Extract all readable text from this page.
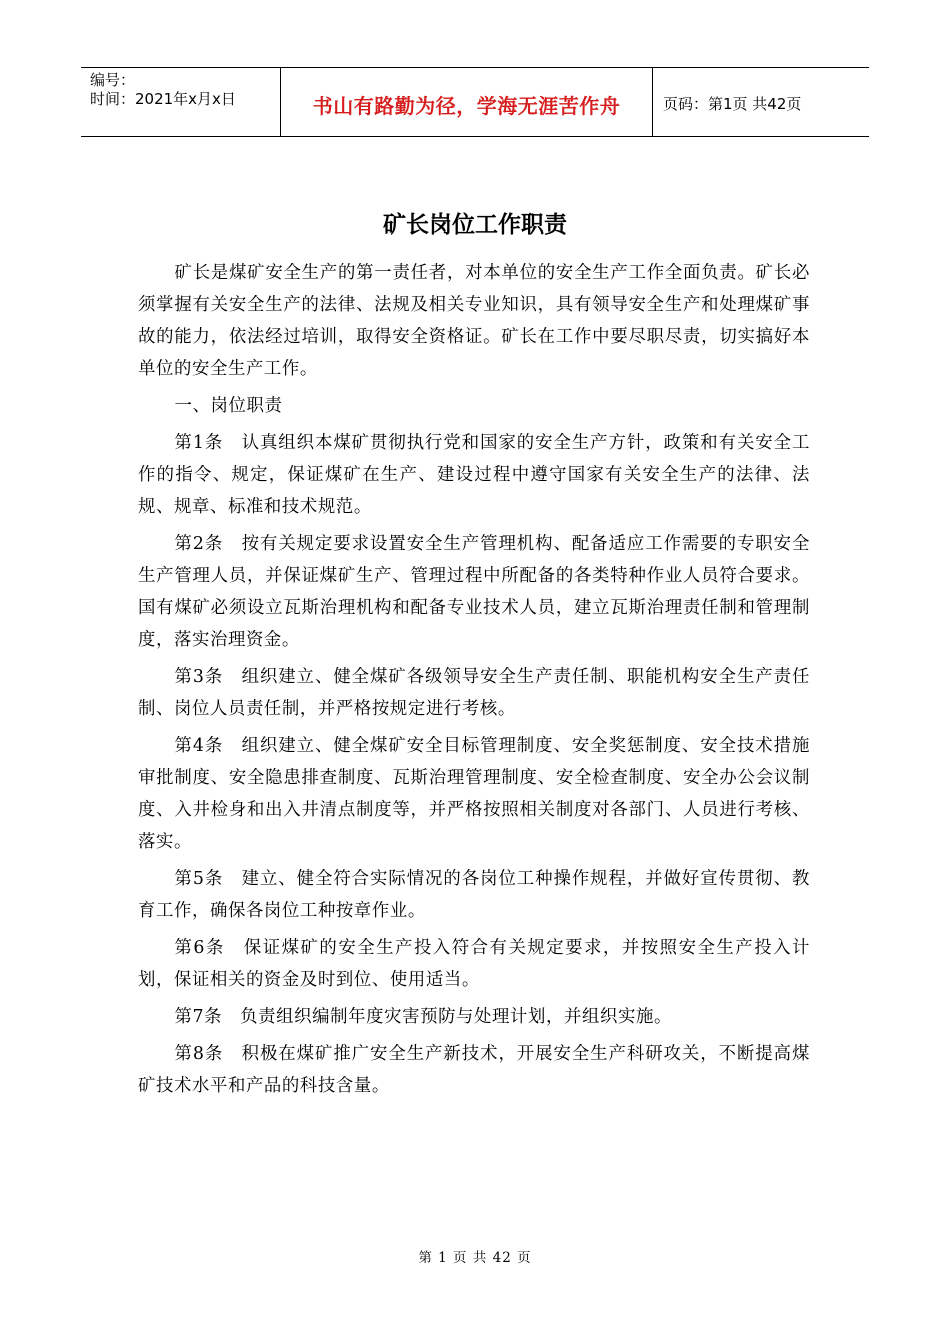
编号：
时间：2021年x月x日	书山有路勤为径，学海无涯苦作舟	页码：第1页 共42页
矿长岗位工作职责

矿长是煤矿安全生产的第一责任者，对本单位的安全生产工作全面负责。矿长必须掌握有关安全生产的法律、法规及相关专业知识，具有领导安全生产和处理煤矿事故的能力，依法经过培训，取得安全资格证。矿长在工作中要尽职尽责，切实搞好本单位的安全生产工作。

一、岗位职责

第1条　认真组织本煤矿贯彻执行党和国家的安全生产方针，政策和有关安全工作的指令、规定，保证煤矿在生产、建设过程中遵守国家有关安全生产的法律、法规、规章、标准和技术规范。

第2条　按有关规定要求设置安全生产管理机构、配备适应工作需要的专职安全生产管理人员，并保证煤矿生产、管理过程中所配备的各类特种作业人员符合要求。国有煤矿必须设立瓦斯治理机构和配备专业技术人员，建立瓦斯治理责任制和管理制度，落实治理资金。

第3条　组织建立、健全煤矿各级领导安全生产责任制、职能机构安全生产责任制、岗位人员责任制，并严格按规定进行考核。

第4条　组织建立、健全煤矿安全目标管理制度、安全奖惩制度、安全技术措施审批制度、安全隐患排查制度、瓦斯治理管理制度、安全检查制度、安全办公会议制度、入井检身和出入井清点制度等，并严格按照相关制度对各部门、人员进行考核、落实。

第5条　建立、健全符合实际情况的各岗位工种操作规程，并做好宣传贯彻、教育工作，确保各岗位工种按章作业。

第6条　保证煤矿的安全生产投入符合有关规定要求，并按照安全生产投入计划，保证相关的资金及时到位、使用适当。

第7条　负责组织编制年度灾害预防与处理计划，并组织实施。

第8条　积极在煤矿推广安全生产新技术，开展安全生产科研攻关，不断提高煤矿技术水平和产品的科技含量。

第 1 页 共 42 页
